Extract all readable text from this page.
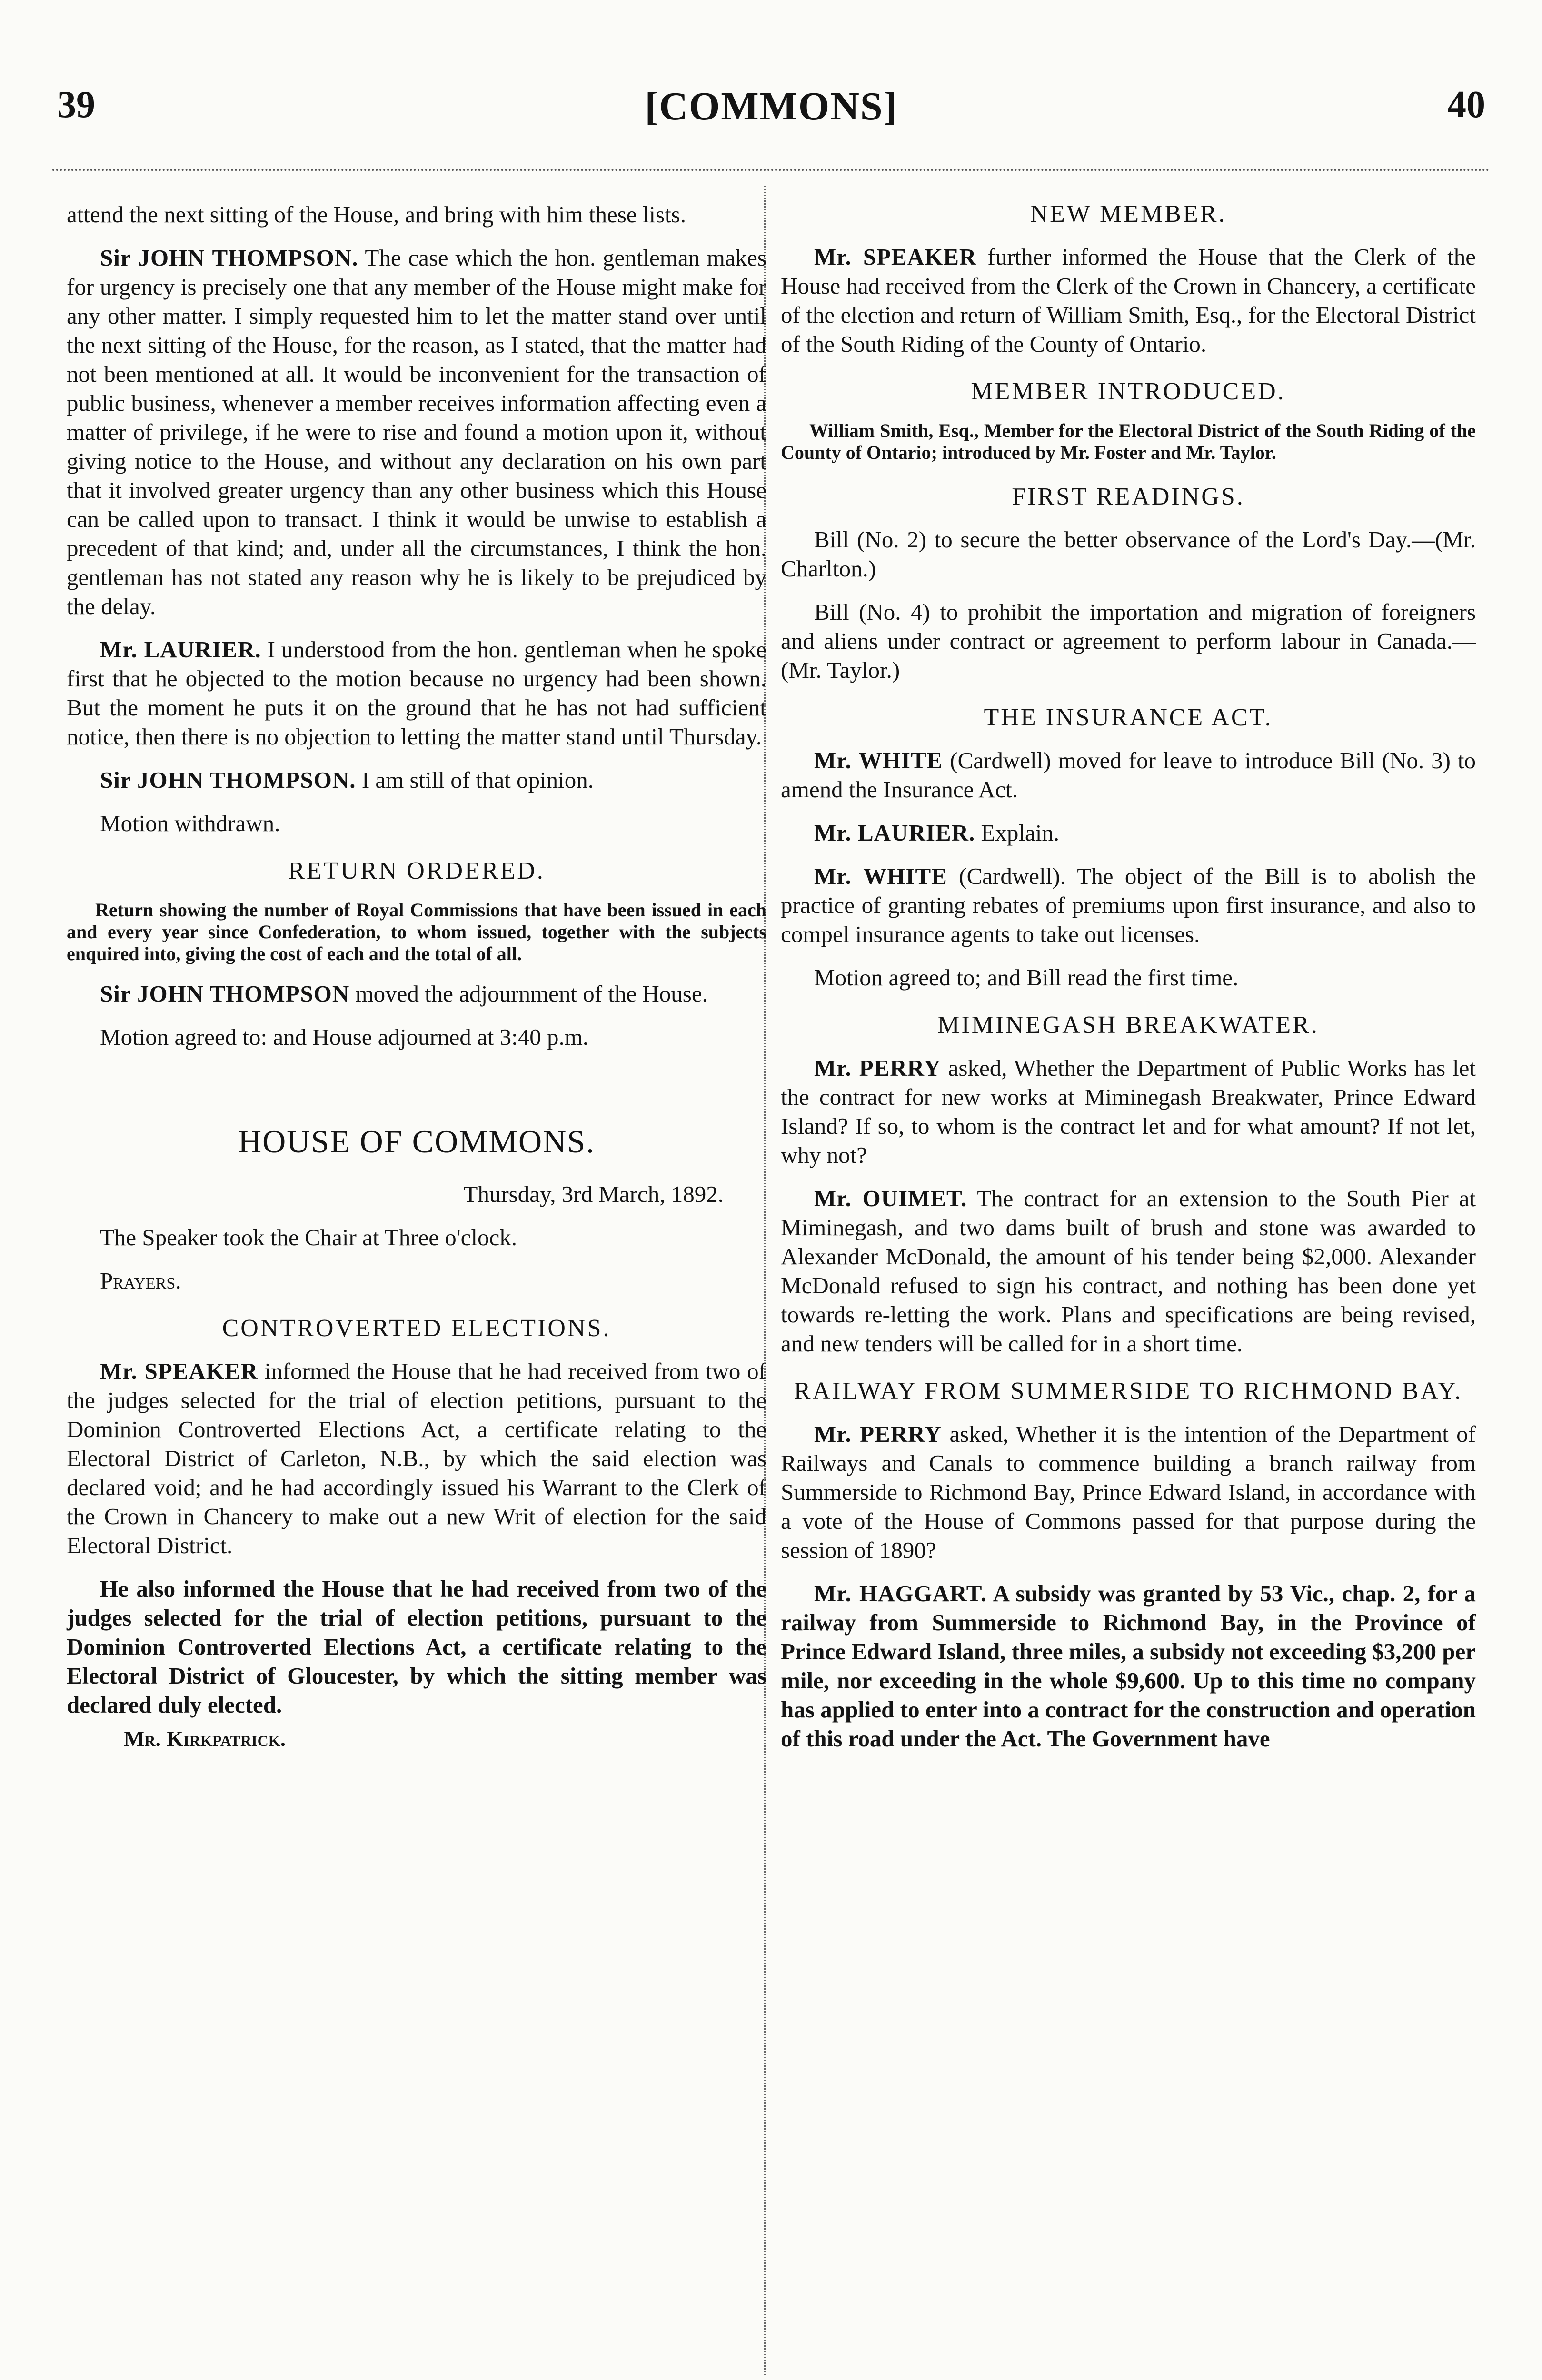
39	[COMMONS]	40

attend the next sitting of the House, and bring with him these lists.

Sir JOHN THOMPSON. The case which the hon. gentleman makes for urgency is precisely one that any member of the House might make for any other matter. I simply requested him to let the matter stand over until the next sitting of the House, for the reason, as I stated, that the matter had not been mentioned at all. It would be inconvenient for the transaction of public business, whenever a member receives information affecting even a matter of privilege, if he were to rise and found a motion upon it, without giving notice to the House, and without any declaration on his own part that it involved greater urgency than any other business which this House can be called upon to transact. I think it would be unwise to establish a precedent of that kind; and, under all the circumstances, I think the hon. gentleman has not stated any reason why he is likely to be prejudiced by the delay.

Mr. LAURIER. I understood from the hon. gentleman when he spoke first that he objected to the motion because no urgency had been shown. But the moment he puts it on the ground that he has not had sufficient notice, then there is no objection to letting the matter stand until Thursday.

Sir JOHN THOMPSON. I am still of that opinion.

Motion withdrawn.

RETURN ORDERED.

Return showing the number of Royal Commissions that have been issued in each and every year since Confederation, to whom issued, together with the subjects enquired into, giving the cost of each and the total of all.

Sir JOHN THOMPSON moved the adjournment of the House.

Motion agreed to: and House adjourned at 3:40 p.m.

HOUSE OF COMMONS.

Thursday, 3rd March, 1892.

The Speaker took the Chair at Three o'clock.

Prayers.

CONTROVERTED ELECTIONS.

Mr. SPEAKER informed the House that he had received from two of the judges selected for the trial of election petitions, pursuant to the Dominion Controverted Elections Act, a certificate relating to the Electoral District of Carleton, N.B., by which the said election was declared void; and he had accordingly issued his Warrant to the Clerk of the Crown in Chancery to make out a new Writ of election for the said Electoral District.

He also informed the House that he had received from two of the judges selected for the trial of election petitions, pursuant to the Dominion Controverted Elections Act, a certificate relating to the Electoral District of Gloucester, by which the sitting member was declared duly elected.

Mr. Kirkpatrick.

NEW MEMBER.

Mr. SPEAKER further informed the House that the Clerk of the House had received from the Clerk of the Crown in Chancery, a certificate of the election and return of William Smith, Esq., for the Electoral District of the South Riding of the County of Ontario.

MEMBER INTRODUCED.

William Smith, Esq., Member for the Electoral District of the South Riding of the County of Ontario; introduced by Mr. Foster and Mr. Taylor.

FIRST READINGS.

Bill (No. 2) to secure the better observance of the Lord's Day.—(Mr. Charlton.)

Bill (No. 4) to prohibit the importation and migration of foreigners and aliens under contract or agreement to perform labour in Canada.—(Mr. Taylor.)

THE INSURANCE ACT.

Mr. WHITE (Cardwell) moved for leave to introduce Bill (No. 3) to amend the Insurance Act.

Mr. LAURIER. Explain.

Mr. WHITE (Cardwell). The object of the Bill is to abolish the practice of granting rebates of premiums upon first insurance, and also to compel insurance agents to take out licenses.

Motion agreed to; and Bill read the first time.

MIMINEGASH BREAKWATER.

Mr. PERRY asked, Whether the Department of Public Works has let the contract for new works at Miminegash Breakwater, Prince Edward Island? If so, to whom is the contract let and for what amount? If not let, why not?

Mr. OUIMET. The contract for an extension to the South Pier at Miminegash, and two dams built of brush and stone was awarded to Alexander McDonald, the amount of his tender being $2,000. Alexander McDonald refused to sign his contract, and nothing has been done yet towards re-letting the work. Plans and specifications are being revised, and new tenders will be called for in a short time.

RAILWAY FROM SUMMERSIDE TO RICHMOND BAY.

Mr. PERRY asked, Whether it is the intention of the Department of Railways and Canals to commence building a branch railway from Summerside to Richmond Bay, Prince Edward Island, in accordance with a vote of the House of Commons passed for that purpose during the session of 1890?

Mr. HAGGART. A subsidy was granted by 53 Vic., chap. 2, for a railway from Summerside to Richmond Bay, in the Province of Prince Edward Island, three miles, a subsidy not exceeding $3,200 per mile, nor exceeding in the whole $9,600. Up to this time no company has applied to enter into a contract for the construction and operation of this road under the Act. The Government have
